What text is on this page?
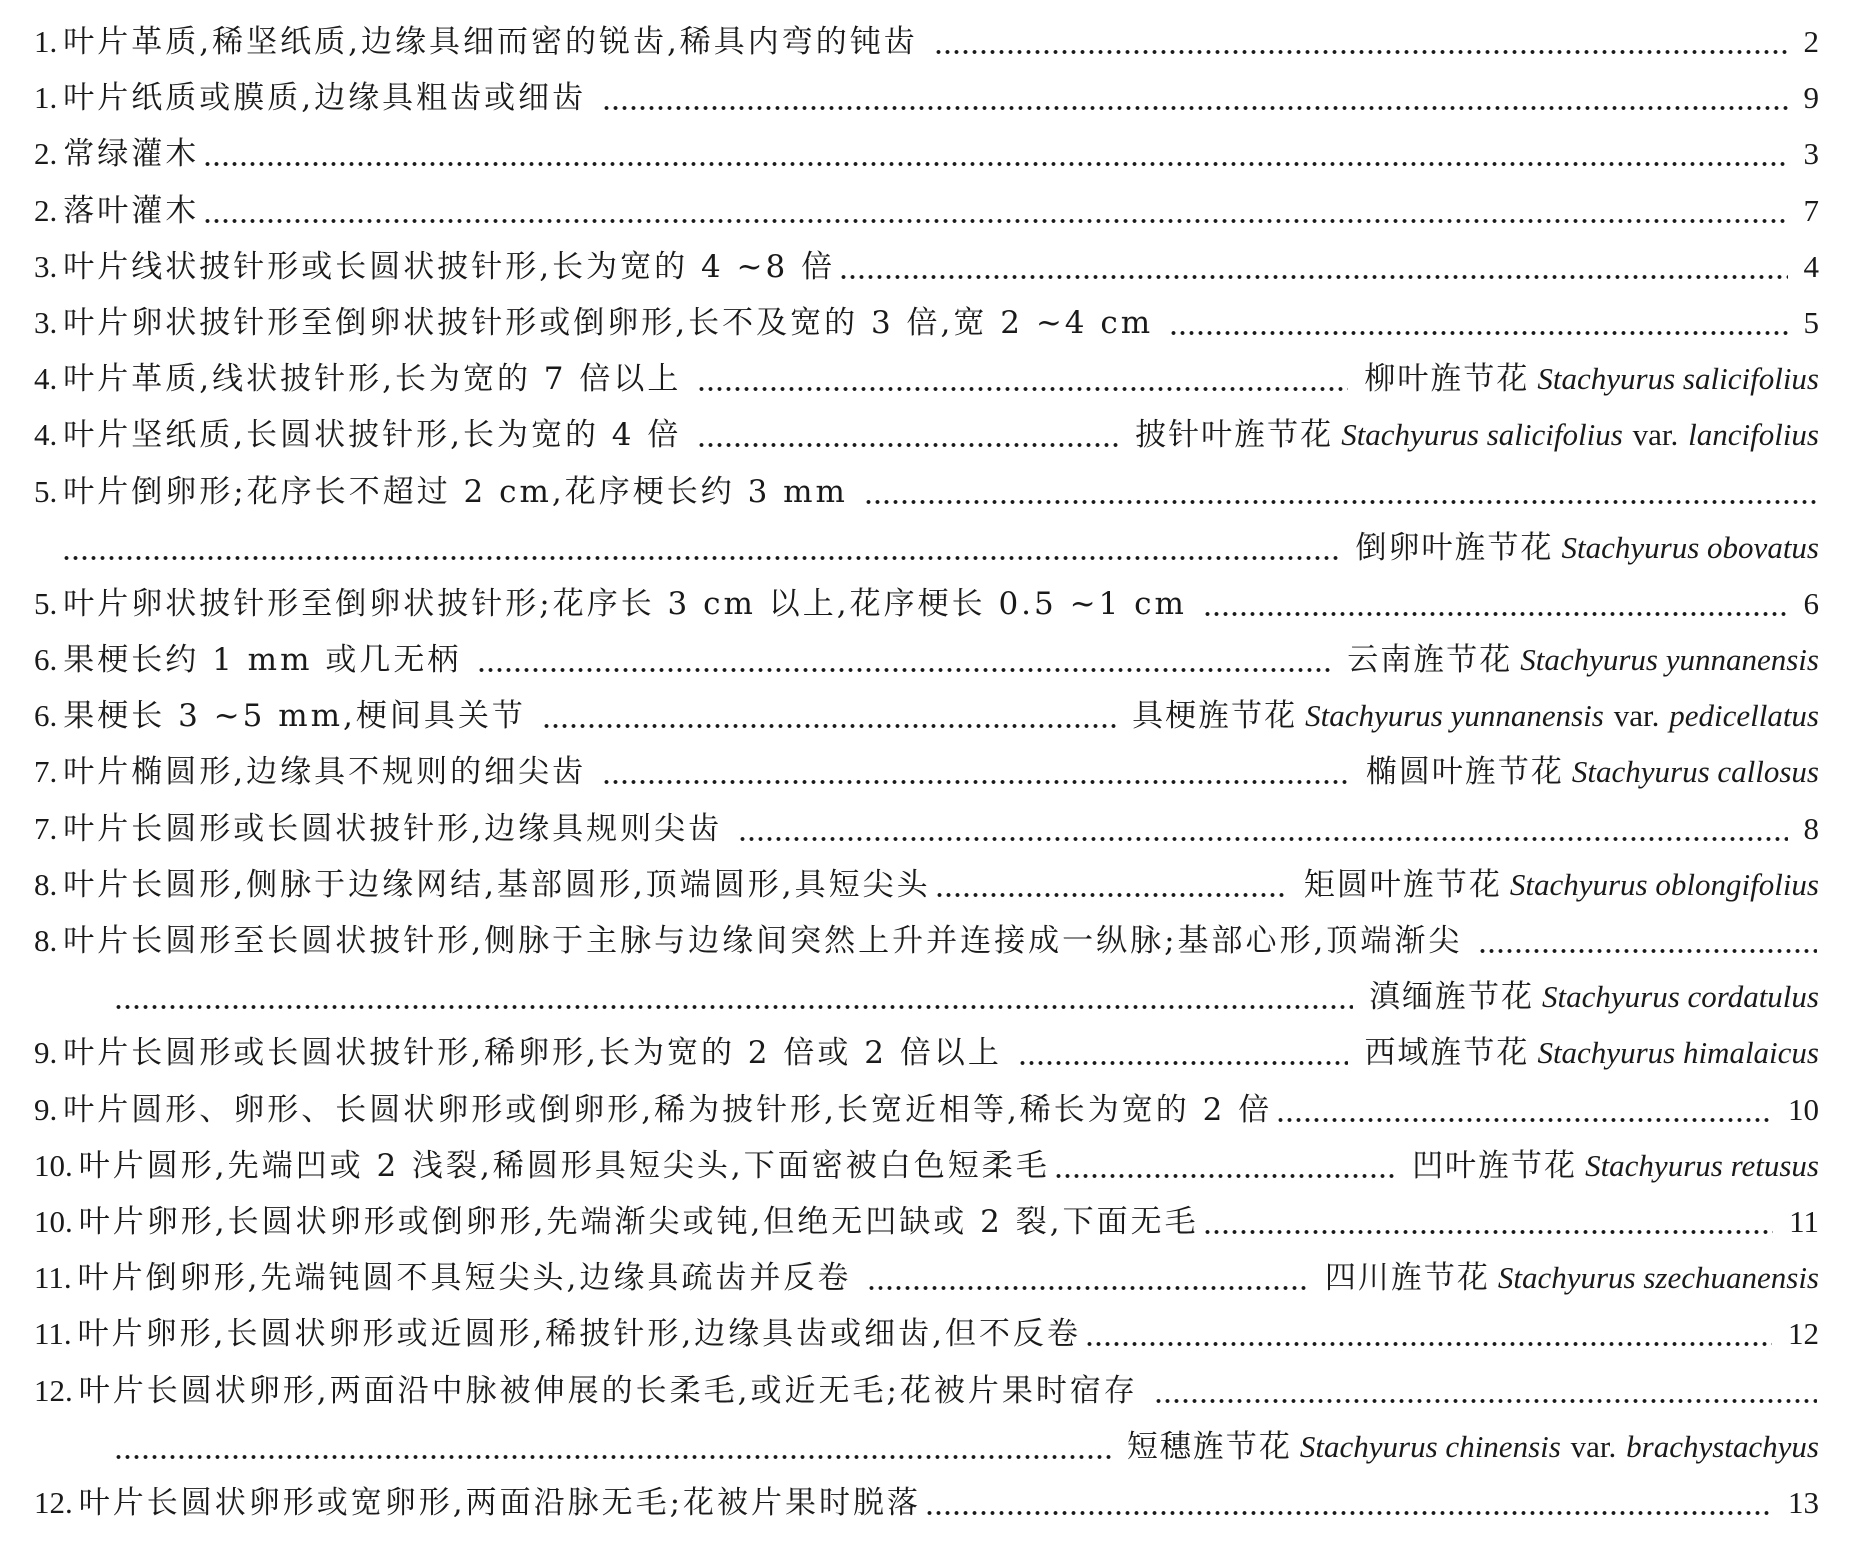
1. 叶片革质,稀坚纸质,边缘具细而密的锐齿,稀具内弯的钝齿	2
1. 叶片纸质或膜质,边缘具粗齿或细齿	9
2. 常绿灌木	3
2. 落叶灌木	7
3. 叶片线状披针形或长圆状披针形,长为宽的 4 ~8 倍	4
3. 叶片卵状披针形至倒卵状披针形或倒卵形,长不及宽的 3 倍,宽 2 ~4 cm	5
4. 叶片革质,线状披针形,长为宽的 7 倍以上	柳叶旌节花 Stachyurus salicifolius
4. 叶片坚纸质,长圆状披针形,长为宽的 4 倍	披针叶旌节花 Stachyurus salicifolius var. lancifolius
5. 叶片倒卵形;花序长不超过 2 cm,花序梗长约 3 mm
倒卵叶旌节花 Stachyurus obovatus
5. 叶片卵状披针形至倒卵状披针形;花序长 3 cm 以上,花序梗长 0.5 ~1 cm	6
6. 果梗长约 1 mm 或几无柄	云南旌节花 Stachyurus yunnanensis
6. 果梗长 3 ~5 mm,梗间具关节	具梗旌节花 Stachyurus yunnanensis var. pedicellatus
7. 叶片椭圆形,边缘具不规则的细尖齿	椭圆叶旌节花 Stachyurus callosus
7. 叶片长圆形或长圆状披针形,边缘具规则尖齿	8
8. 叶片长圆形,侧脉于边缘网结,基部圆形,顶端圆形,具短尖头	矩圆叶旌节花 Stachyurus oblongifolius
8. 叶片长圆形至长圆状披针形,侧脉于主脉与边缘间突然上升并连接成一纵脉;基部心形,顶端渐尖
滇缅旌节花 Stachyurus cordatulus
9. 叶片长圆形或长圆状披针形,稀卵形,长为宽的 2 倍或 2 倍以上	西域旌节花 Stachyurus himalaicus
9. 叶片圆形、卵形、长圆状卵形或倒卵形,稀为披针形,长宽近相等,稀长为宽的 2 倍	10
10. 叶片圆形,先端凹或 2 浅裂,稀圆形具短尖头,下面密被白色短柔毛	凹叶旌节花 Stachyurus retusus
10. 叶片卵形,长圆状卵形或倒卵形,先端渐尖或钝,但绝无凹缺或 2 裂,下面无毛	11
11. 叶片倒卵形,先端钝圆不具短尖头,边缘具疏齿并反卷	四川旌节花 Stachyurus szechuanensis
11. 叶片卵形,长圆状卵形或近圆形,稀披针形,边缘具齿或细齿,但不反卷	12
12. 叶片长圆状卵形,两面沿中脉被伸展的长柔毛,或近无毛;花被片果时宿存
短穗旌节花 Stachyurus chinensis var. brachystachyus
12. 叶片长圆状卵形或宽卵形,两面沿脉无毛;花被片果时脱落	13
